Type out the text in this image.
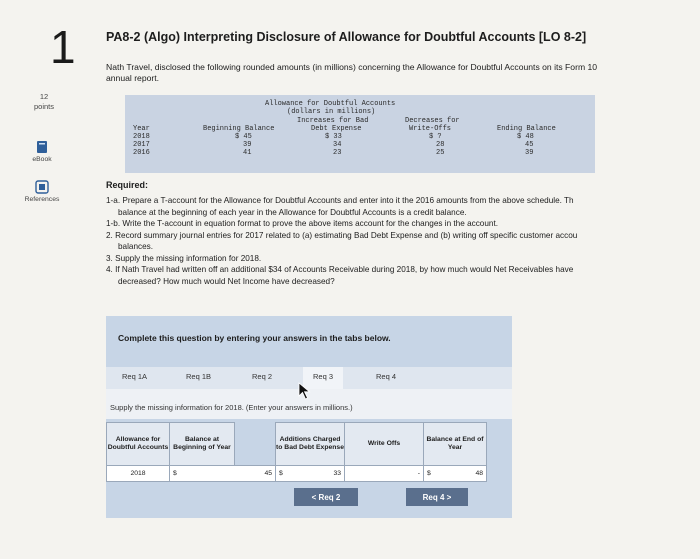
1 PA8-2 (Algo) Interpreting Disclosure of Allowance for Doubtful Accounts [LO 8-2]
Nath Travel, disclosed the following rounded amounts (in millions) concerning the Allowance for Doubtful Accounts on its Form 10
annual report.
12
points
eBook
References
Allowance for Doubtful Accounts
(dollars in millions)
Year	Beginning Balance
Increases for Bad
Debt Expense
Decreases for
Write-Offs	Ending Balance
2018	$ 45	$ 33	$ ?	$ 48
2017	39	34	28	45
2016	41	23	25	39
Required:

1-a. Prepare a T-account for the Allowance for Doubtful Accounts and enter into it the 2016 amounts from the above schedule. Th

balance at the beginning of each year in the Allowance for Doubtful Accounts is a credit balance.

1-b. Write the T-account in equation format to prove the above items account for the changes in the account.

2. Record summary journal entries for 2017 related to (a) estimating Bad Debt Expense and (b) writing off specific customer accou

balances.

3. Supply the missing information for 2018.

4. If Nath Travel had written off an additional $34 of Accounts Receivable during 2018, by how much would Net Receivables have

decreased? How much would Net Income have decreased?

Complete this question by entering your answers in the tabs below.
Req 1A	Req 1B	Req 2	Req 3	Req 4
Supply the missing information for 2018. (Enter your answers in millions.)
Allowance for Doubtful Accounts	Balance at Beginning of Year		Additions Charged to Bad Debt Expense	Write Offs	Balance at End of Year
2018	$ 45		$ 33	-	$ 48
< Req 2	Req 4 >
